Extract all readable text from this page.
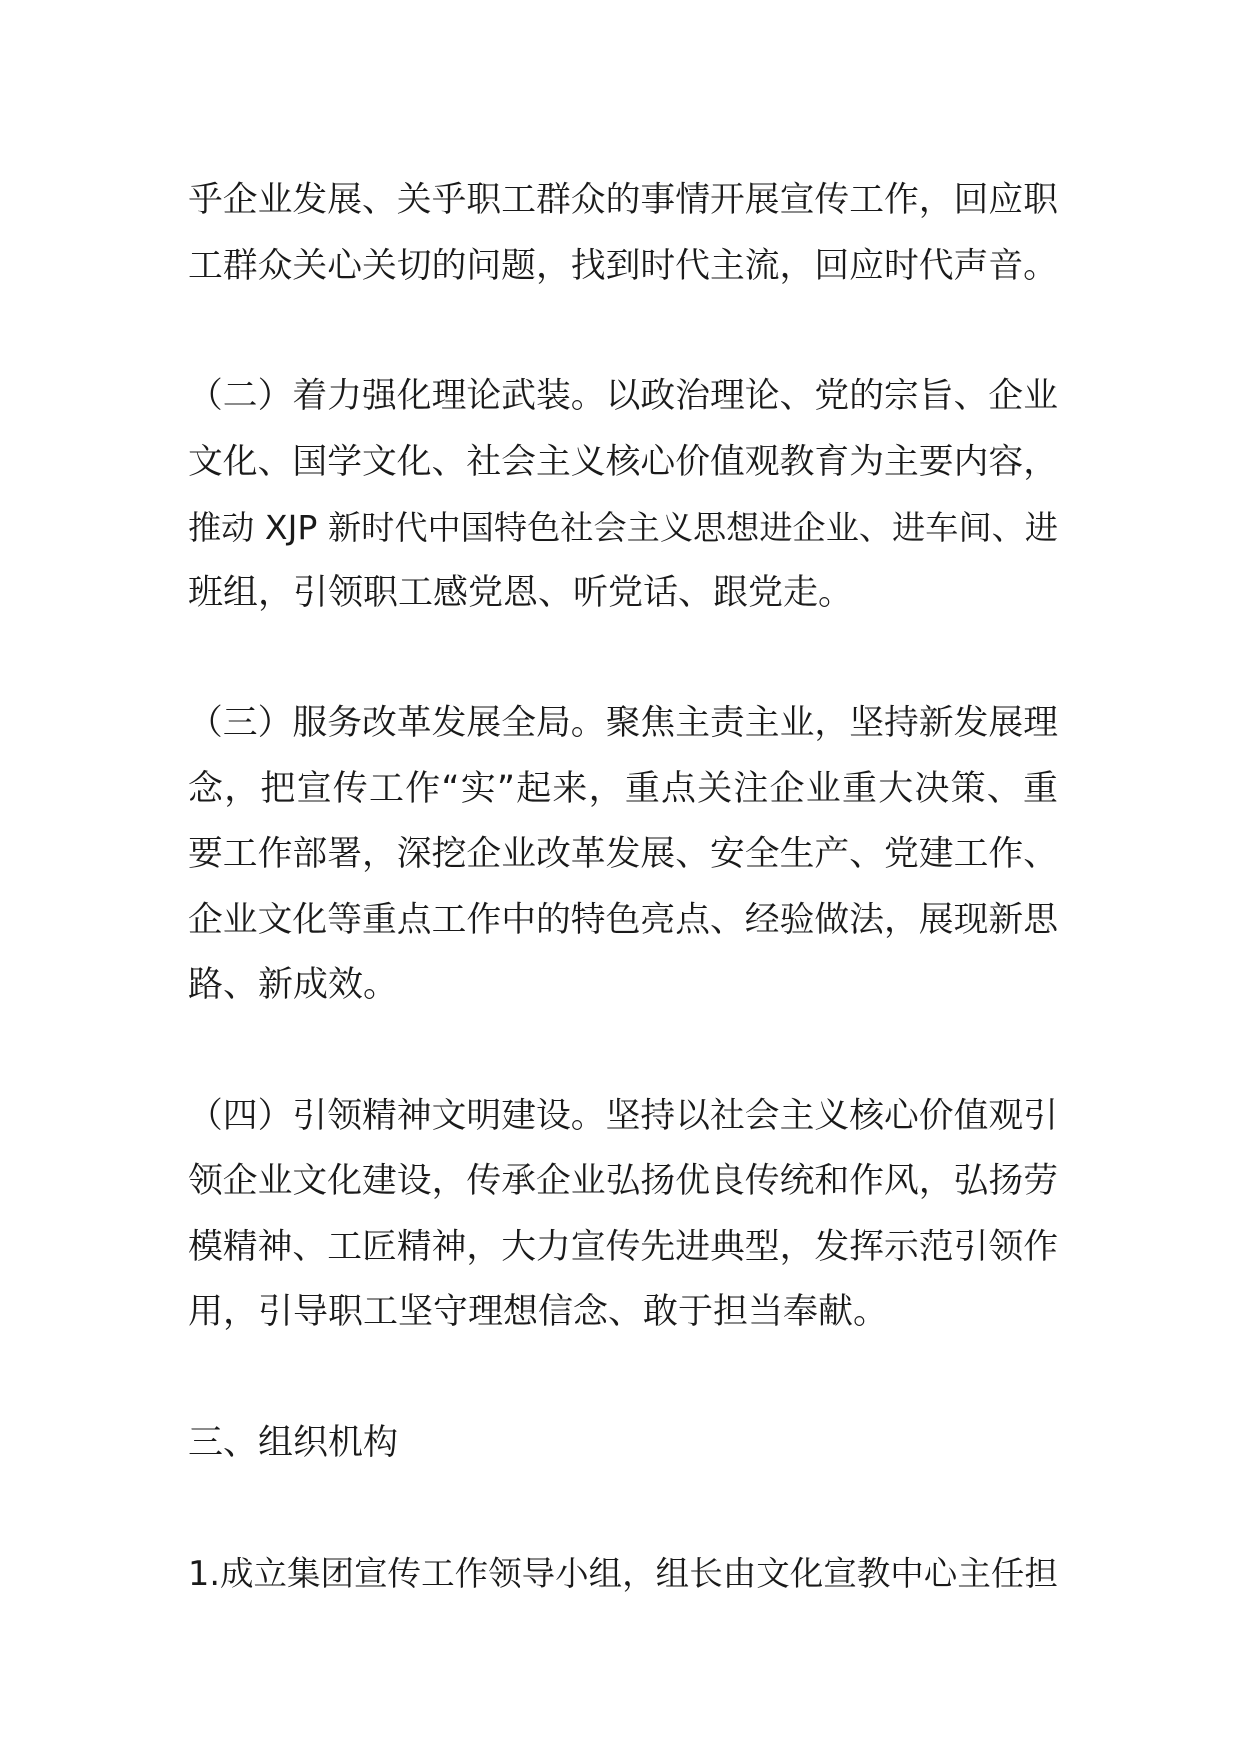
乎企业发展、关乎职工群众的事情开展宣传工作，回应职
工群众关心关切的问题，找到时代主流，回应时代声音。

（二）着力强化理论武装。以政治理论、党的宗旨、企业
文化、国学文化、社会主义核心价值观教育为主要内容，
推动 XJP 新时代中国特色社会主义思想进企业、进车间、进
班组，引领职工感党恩、听党话、跟党走。

（三）服务改革发展全局。聚焦主责主业，坚持新发展理
念，把宣传工作“实”起来，重点关注企业重大决策、重
要工作部署，深挖企业改革发展、安全生产、党建工作、
企业文化等重点工作中的特色亮点、经验做法，展现新思
路、新成效。

（四）引领精神文明建设。坚持以社会主义核心价值观引
领企业文化建设，传承企业弘扬优良传统和作风，弘扬劳
模精神、工匠精神，大力宣传先进典型，发挥示范引领作
用，引导职工坚守理想信念、敢于担当奉献。

三、组织机构

1.成立集团宣传工作领导小组，组长由文化宣教中心主任担
